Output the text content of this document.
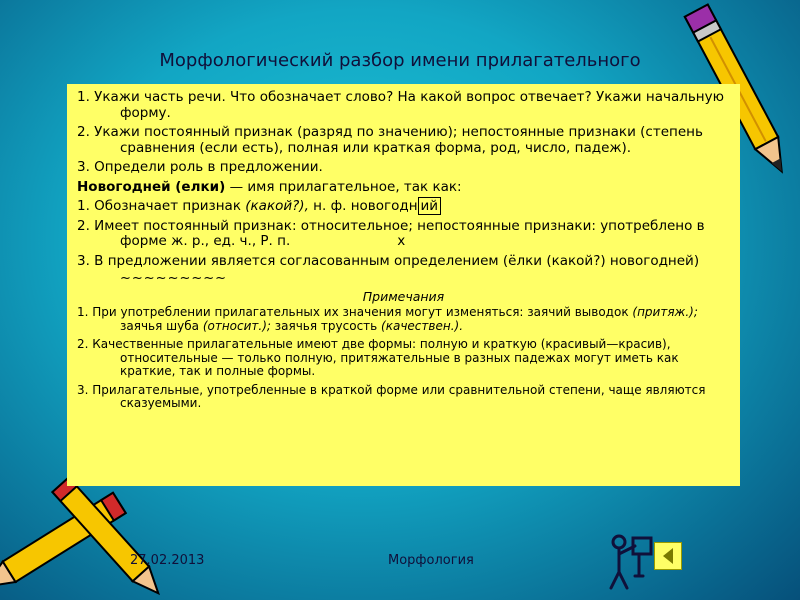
Морфологический разбор имени прилагательного

1. Укажи часть речи. Что обозначает слово? На какой вопрос отвечает? Укажи начальную форму.

2. Укажи постоянный признак (разряд по значению); непостоянные признаки (степень сравнения (если есть), полная или краткая форма, род, число, падеж).

3. Определи роль в предложении.

Новогодней (елки) — имя прилагательное, так как:

1. Обозначает признак (какой?), н. ф. новогодн ий

2. Имеет постоянный признак: относительное; непостоянные признаки: употреблено в форме ж. р., ед. ч., Р. п.	x

3. В предложении является согласованным определением (ёлки (какой?) новогодней)

~~~~~~~~~

Примечания

1. При употреблении прилагательных их значения могут изменяться: заячий выводок (притяж.); заячья шуба (относит.); заячья трусость (качествен.).

2. Качественные прилагательные имеют две формы: полную и краткую (красивый—красив), относительные — только полную, притяжательные в разных падежах могут иметь как краткие, так и полные формы.

3. Прилагательные, употребленные в краткой форме или сравнительной степени, чаще являются сказуемыми.

27.02.2013	Морфология
